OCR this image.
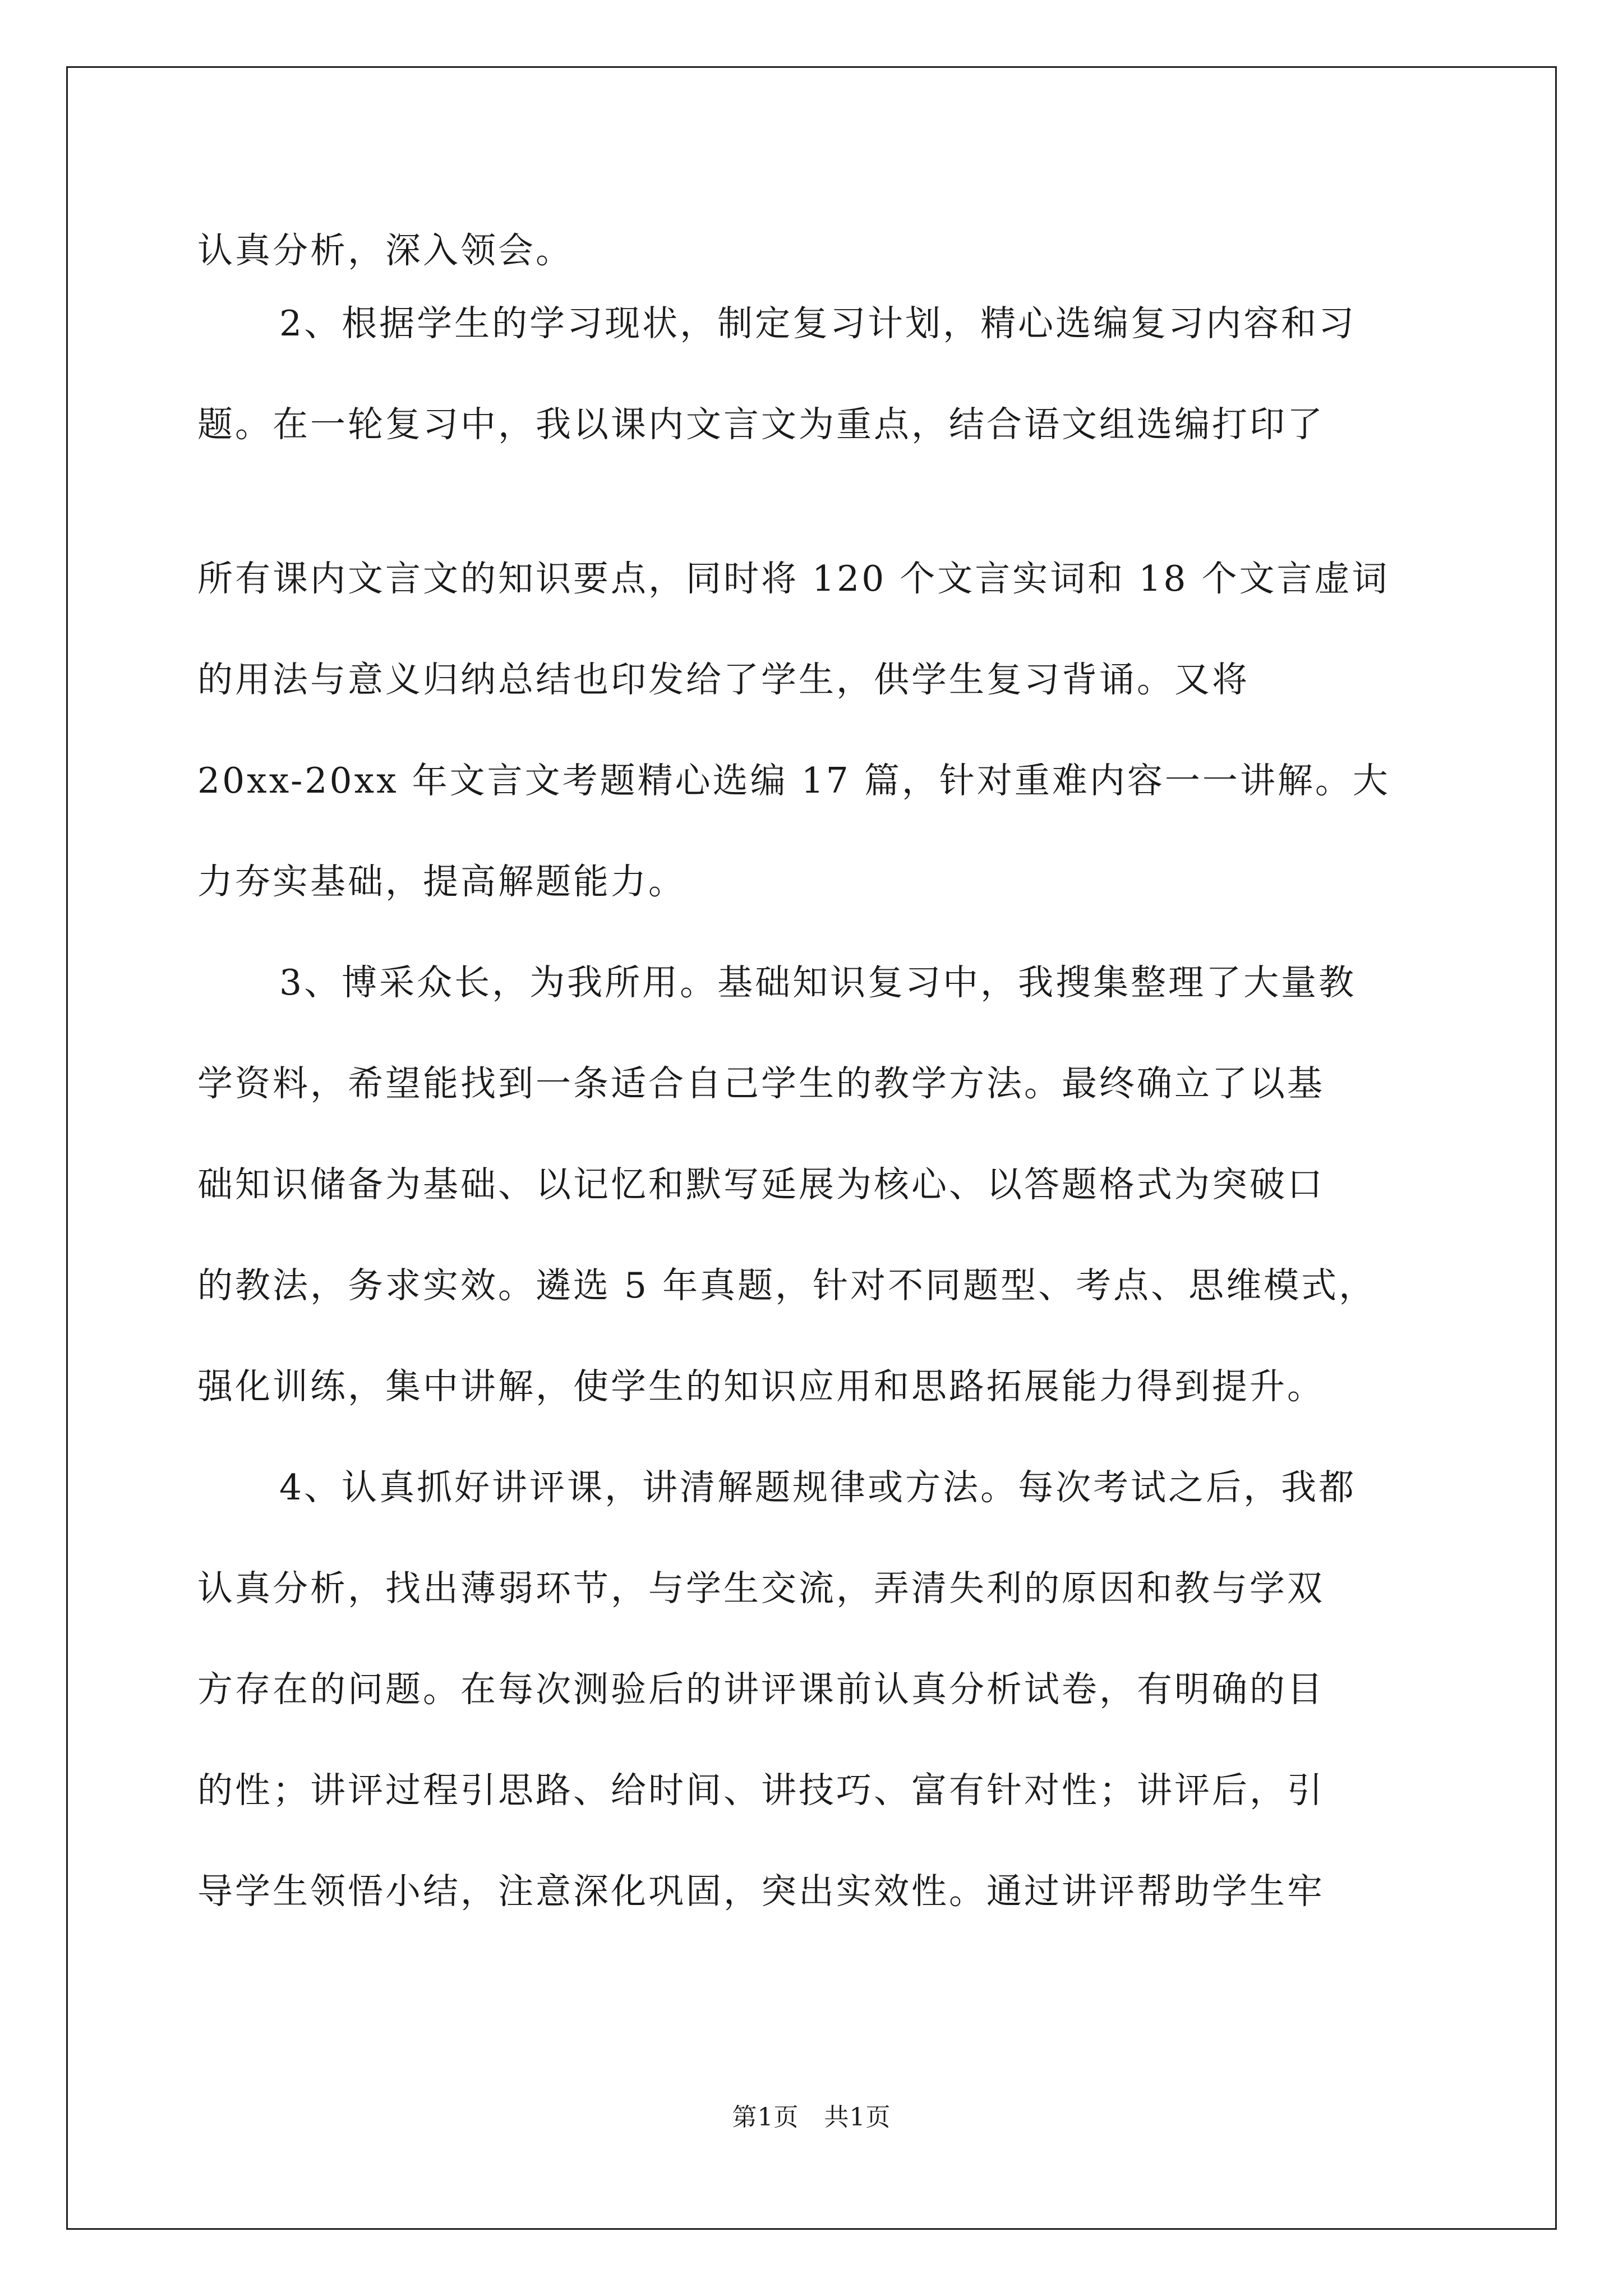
认真分析，深入领会。
2、根据学生的学习现状，制定复习计划，精心选编复习内容和习
题。在一轮复习中，我以课内文言文为重点，结合语文组选编打印了
所有课内文言文的知识要点，同时将 120 个文言实词和 18 个文言虚词
的用法与意义归纳总结也印发给了学生，供学生复习背诵。又将
20xx-20xx 年文言文考题精心选编 17 篇，针对重难内容一一讲解。大
力夯实基础，提高解题能力。
3、博采众长，为我所用。基础知识复习中，我搜集整理了大量教
学资料，希望能找到一条适合自己学生的教学方法。最终确立了以基
础知识储备为基础、以记忆和默写延展为核心、以答题格式为突破口
的教法，务求实效。遴选 5 年真题，针对不同题型、考点、思维模式，
强化训练，集中讲解，使学生的知识应用和思路拓展能力得到提升。
4、认真抓好讲评课，讲清解题规律或方法。每次考试之后，我都
认真分析，找出薄弱环节，与学生交流，弄清失利的原因和教与学双
方存在的问题。在每次测验后的讲评课前认真分析试卷，有明确的目
的性；讲评过程引思路、给时间、讲技巧、富有针对性；讲评后，引
导学生领悟小结，注意深化巩固，突出实效性。通过讲评帮助学生牢
第1页　共1页
